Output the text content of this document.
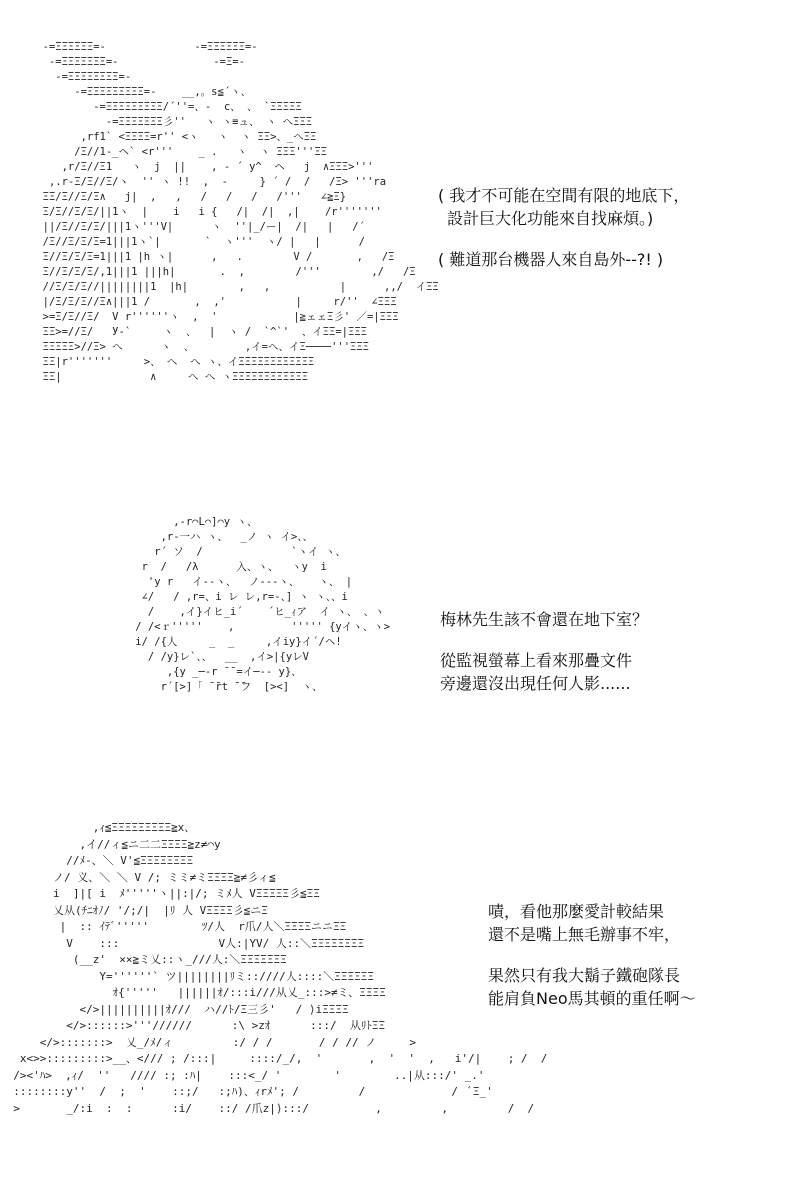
-=ΞΞΞΞΞΞ=-              -=ΞΞΞΞΞΞ=-
-=ΞΞΞΞΞΞΞ=-               -=Ξ=-
-=ΞΞΞΞΞΞΞΞ=-
-=ΞΞΞΞΞΞΞΞΞ=-    __,。s≦´ヽ、
-=ΞΞΞΞΞΞΞΞΞ/´''=、-  c、 、 `ΞΞΞΞΞ
-=ΞΞΞΞΞΞΞ彡''   ヽ ヽ≡ュ、 ヽ へΞΞΞ
,rf1` <ΞΞΞΞ=r'' <ヽ   ヽ  ヽ ΞΞ>、_へΞΞ
/Ξ//1-_ヘ` <r'''    _ .   ヽ  ヽ ΞΞΞ'''ΞΞ
,r/Ξ//Ξ1   ヽ  j  ||    , - ´ y^  ヘ   j  ∧ΞΞΞ>'''
,.r-Ξ/Ξ//Ξ/ヽ  '' ヽ !!  ,  -     } ´ /  /   /Ξ> '''ra
ΞΞ/Ξ//Ξ/Ξ∧   j|  ,   ,   /   /   /   /'''   ∠≧Ξ}
Ξ/Ξ//Ξ/Ξ/||1ヽ  |    i   i {   /|  /|  ,|    /r'''''''
||/Ξ//Ξ/Ξ/|||1ヽ'''V|      ヽ  ''|_/ー|  /|   |   /´
/Ξ//Ξ/Ξ/Ξ=1|||1ヽ`|       `  ヽ'''  ヽ/ |   |      /
Ξ//Ξ/Ξ/Ξ=1|||1 |h ヽ|      ,   .        V /       ,   /Ξ
Ξ//Ξ/Ξ/Ξ/,1|||1 |||h|       .  ,        /'''        ,/   /Ξ
//Ξ/Ξ/Ξ//||||||||1  |h|        ,   ,           |      ,,/  イΞΞ
|/Ξ/Ξ/Ξ//Ξ∧|||1 /       ,  ,'           |     r/''  ∠ΞΞΞ
>=Ξ/Ξ//Ξ/  V r''''''ヽ  ,  '            |≧ェェΞ彡' ／=|ΞΞΞ
ΞΞ>=//Ξ/   У-`     ヽ  、  |  ヽ /  `^`'  、イΞΞ=|ΞΞΞ
ΞΞΞΞΞ>//Ξ> へ      ヽ  、        ,イ=へ、イΞ────'''ΞΞΞ
ΞΞ|r'''''''     >、 へ  へ ヽ、イΞΞΞΞΞΞΞΞΞΞΞΞ
ΞΞ|              ∧     へ へ ヽΞΞΞΞΞΞΞΞΞΞΞΞ
( 我才不可能在空間有限的地底下，
設計巨大化功能來自找麻煩。)
( 難道那台機器人來自島外--?! )
,-r⌒L⌒]⌒y ヽ、
,r-一ハ ヽ、  _ノ ヽ イ>、、
r´ ソ  /              `ヽイ ヽ、
r  /   /λ      入、ヽ、  ヽy  i
'y r   イ-‐ヽ、  ノ--‐ヽ、   ヽ、 |
∠/   / ,r=、i レ レ,r=-、] ヽ ヽ、、i
/    ,イ}イヒ_i´    ´ヒ_ｨア  イ ヽ、 、ヽ
/ /<ｒ'''''    ,         ''''' {yイヽ、ヽ>
i/ /{人     _  _     ,イiy}イ´/ヘ!
/ /y}レ`、、  __  ,イ>|{yレV
,{y _─‐r ̄ ̄ =イ─‐- y}、
r´[>]「 ̄ ̄rt ̄ ̄フ  [><]  ヽ、
梅林先生該不會還在地下室？
從監視螢幕上看來那疊文件
旁邊還沒出現任何人影......
,ｨ≦ΞΞΞΞΞΞΞΞΞ≧x、
,イ//ィ≦ニ二二ΞΞΞΞ≧z≠⌒y
//ﾒ-、＼ V'≦ΞΞΞΞΞΞΞΞ
ノ/ 义、＼ ＼ V /; ミミ≠ミΞΞΞΞ≧≠彡ィ≦
i  ]|[ i  ﾒ'''''ヽ||:|/; ミﾒ人 VΞΞΞΞΞ彡≦ΞΞ
乂从(ﾁﾆｵﾉ/ '/;/|  |ﾘ 人 VΞΞΞΞ彡≦ニΞ
|  :: ｲﾃﾞ'''''        ﾂ/人  r爪/人＼ΞΞΞΞニニΞΞ
V    :::               V人:|YV/ 人::＼ΞΞΞΞΞΞΞΞ
(__z'  ××≧ミ乂::ヽ_///人:＼ΞΞΞΞΞΞΞ
Y=''''''` ツ||||||||ﾘミ::////人::::＼ΞΞΞΞΞΞ
ｵ{'''''   ||||||ｵ/:::i///从乂_:::>≠ミ、ΞΞΞΞ
</>||||||||||ｵ///  ハ//ﾄ/Ξ三彡'   / ⟩iΞΞΞΞ
</>::::::>'''//////      :\ >zｵ      :::/  从ﾘﾄΞΞ
</>:::::::>  乂_/ﾒ/ィ         :/ / /       / / // ノ     >
x<>>:::::::::>__、</// ; /:::|     ::::/_/,  '       ,  '  '  ,   i'/|    ; /  /
/><'ﾊ>  ,ｨ/  ''   //// :; :ﾊ|    :::<_/ '        '        ..|从:::/' _.'
::::::::y''  /  ;  '    ::;/   :;ﾊ)、ｨrﾒ'; /         /             /  ﾞΞ_'
>       _/:i  :  :      :i/    ::/ /爪z|⟩:::/          ,         ,         /  /
嘖，看他那麼愛計較結果
還不是嘴上無毛辦事不牢，
果然只有我大鬍子鐵砲隊長
能肩負Neo馬其頓的重任啊～
